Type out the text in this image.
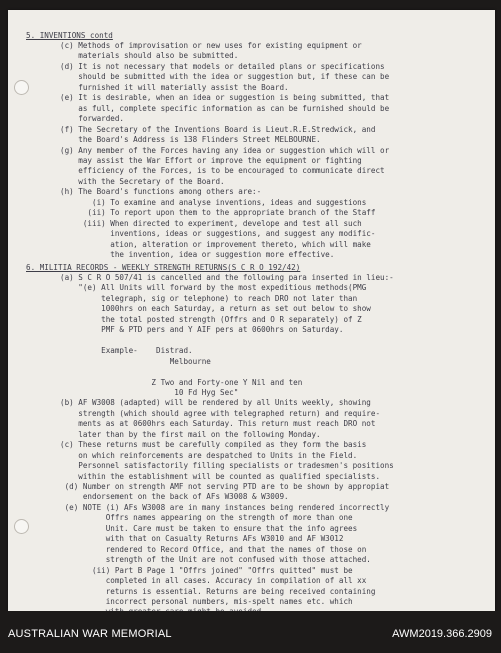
5. INVENTIONS contd
(c) Methods of improvisation or new uses for existing equipment or
materials should also be submitted.
(d) It is not necessary that models or detailed plans or specifications
should be submitted with the idea or suggestion but, if these can be
furnished it will materially assist the Board.
(e) It is desirable, when an idea or suggestion is being submitted, that
as full, complete specific information as can be furnished should be
forwarded.
(f) The Secretary of the Inventions Board is Lieut.R.E.Stredwick, and
the Board's Address is 138 Flinders Street MELBOURNE.
(g) Any member of the Forces having any idea or suggestion which will or
may assist the War Effort or improve the equipment or fighting
efficiency of the Forces, is to be encouraged to communicate direct
with the Secretary of the Board.
(h) The Board's functions among others are:-
(i) To examine and analyse inventions, ideas and suggestions
(ii) To report upon them to the appropriate branch of the Staff
(iii) When directed to experiment, develope and test all such
inventions, ideas or suggestions, and suggest any modific-
ation, alteration or improvement thereto, which will make
the invention, idea or suggestion more effective.
6. MILITIA RECORDS - WEEKLY STRENGTH RETURNS(S C R O 192/42)
(a) S C R O 507/41 is cancelled and the following para inserted in lieu:-
"(e) All Units will forward by the most expeditious methods(PMG
telegraph, sig or telephone) to reach DRO not later than
1000hrs on each Saturday, a return as set out below to show
the total posted strength (Offrs and O R separately) of Z
PMF & PTD pers and Y AIF pers at 0600hrs on Saturday.
Example-    Distrad.
Melbourne
Z Two and Forty-one Y Nil and ten
10 Fd Hyg Sec"
(b) AF W3008 (adapted) will be rendered by all Units weekly, showing
strength (which should agree with telegraphed return) and require-
ments as at 0600hrs each Saturday. This return must reach DRO not
later than by the first mail on the following Monday.
(c) These returns must be carefully compiled as they form the basis
on which reinforcements are despatched to Units in the Field.
Personnel satisfactorily filling specialists or tradesmen's positions
within the establishment will be counted as qualified specialists.
(d) Number on strength AMF not serving PTD are to be shown by appropiat
endorsement on the back of AFs W3008 & W3009.
(e) NOTE (i) AFs W3008 are in many instances being rendered incorrectly
Offrs names appearing on the strength of more than one
Unit. Care must be taken to ensure that the info agrees
with that on Casualty Returns AFs W3010 and AF W3012
rendered to Record Office, and that the names of those on
strength of the Unit are not confused with those attached.
(ii) Part B Page 1 "Offrs joined" "Offrs quitted" must be
completed in all cases. Accuracy in compilation of all xx
returns is essential. Returns are being received containing
incorrect personal numbers, mis-spelt names etc. which
AUSTRALIAN WAR MEMORIAL	AWM2019.366.2909
